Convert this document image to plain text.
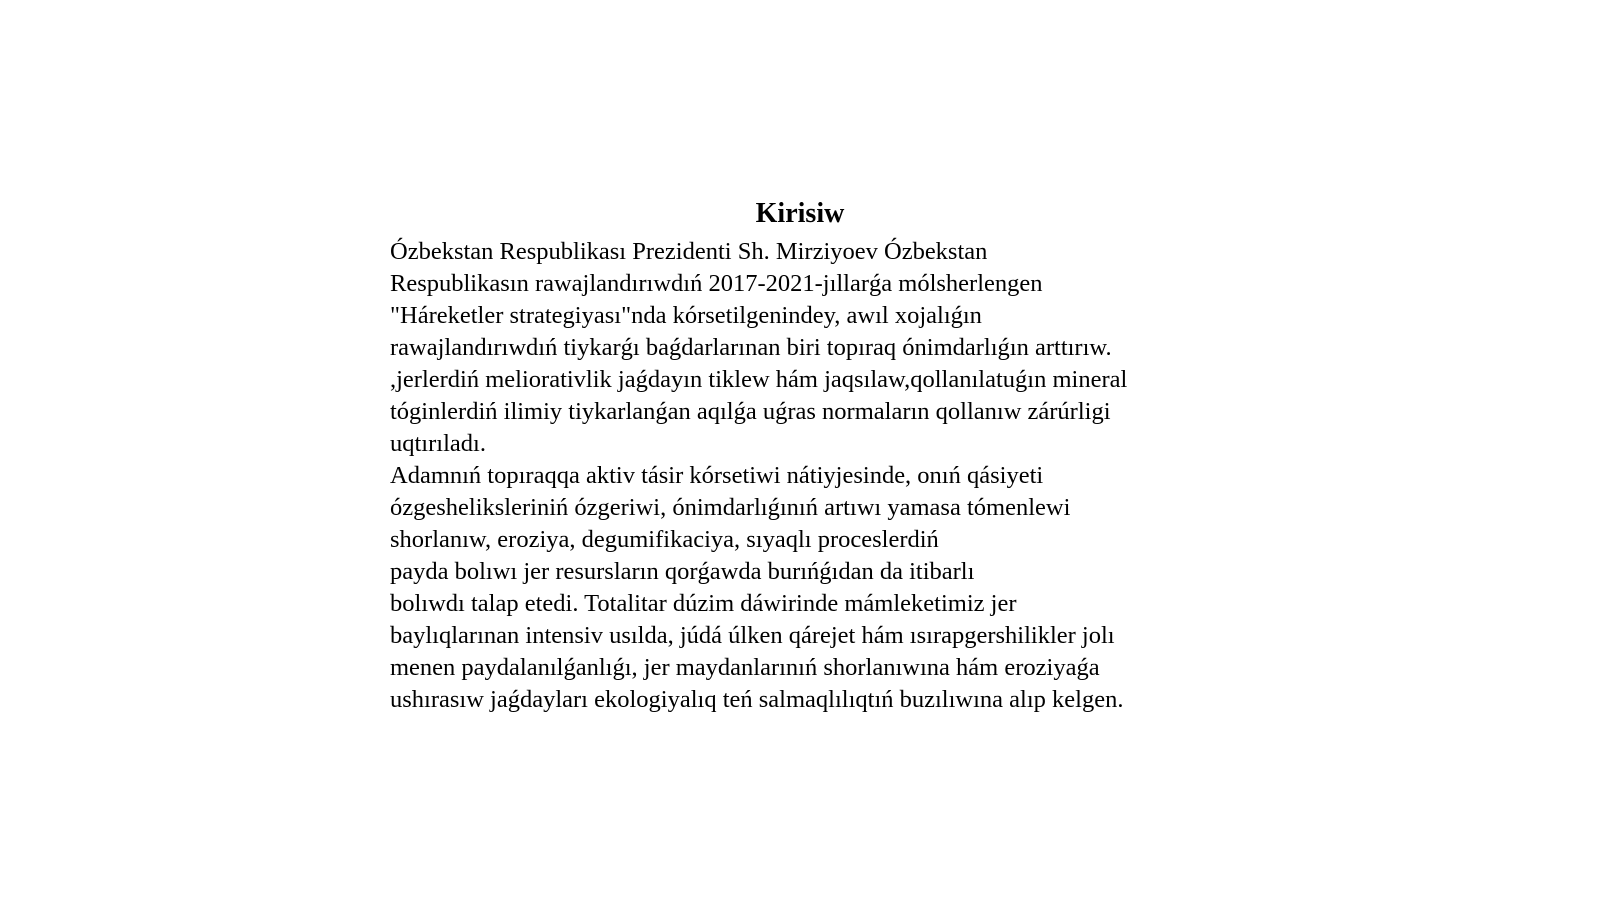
Kirisiw
Ózbekstan Respublikası Prezidenti Sh. Mirziyoev Ózbekstan
Respublikasın rawajlandırıwdıń 2017-2021-jıllarǵa mólsherlengen
"Háreketler strategiyası"nda kórsetilgenindey, awıl xojalıǵın
rawajlandırıwdıń tiykarǵı baǵdarlarınan biri topıraq ónimdarlıǵın arttırıw.
,jerlerdiń meliorativlik jaǵdayın tiklew hám jaqsılaw,qollanılatuǵın mineral
tóginlerdiń ilimiy tiykarlanǵan aqılǵa uǵras normaların qollanıw zárúrligi
uqtırıladı.
Adamnıń topıraqqa aktiv tásir kórsetiwi nátiyjesinde, onıń qásiyeti
ózgesheliksleriniń ózgeriwi, ónimdarlıǵınıń artıwı yamasa tómenlewi
shorlanıw, eroziya, degumifikaciya, sıyaqlı proceslerdiń
payda bolıwı jer resursların qorǵawda burıńǵıdan da itibarlı
bolıwdı talap etedi. Totalitar dúzim dáwirinde mámleketimiz jer
baylıqlarınan intensiv usılda, júdá úlken qárejet hám ısırapgershilikler jolı
menen paydalanılǵanlıǵı, jer maydanlarınıń shorlanıwına hám eroziyaǵa
ushırasıw jaǵdayları ekologiyalıq teń salmaqlılıqtıń buzılıwına alıp kelgen.
